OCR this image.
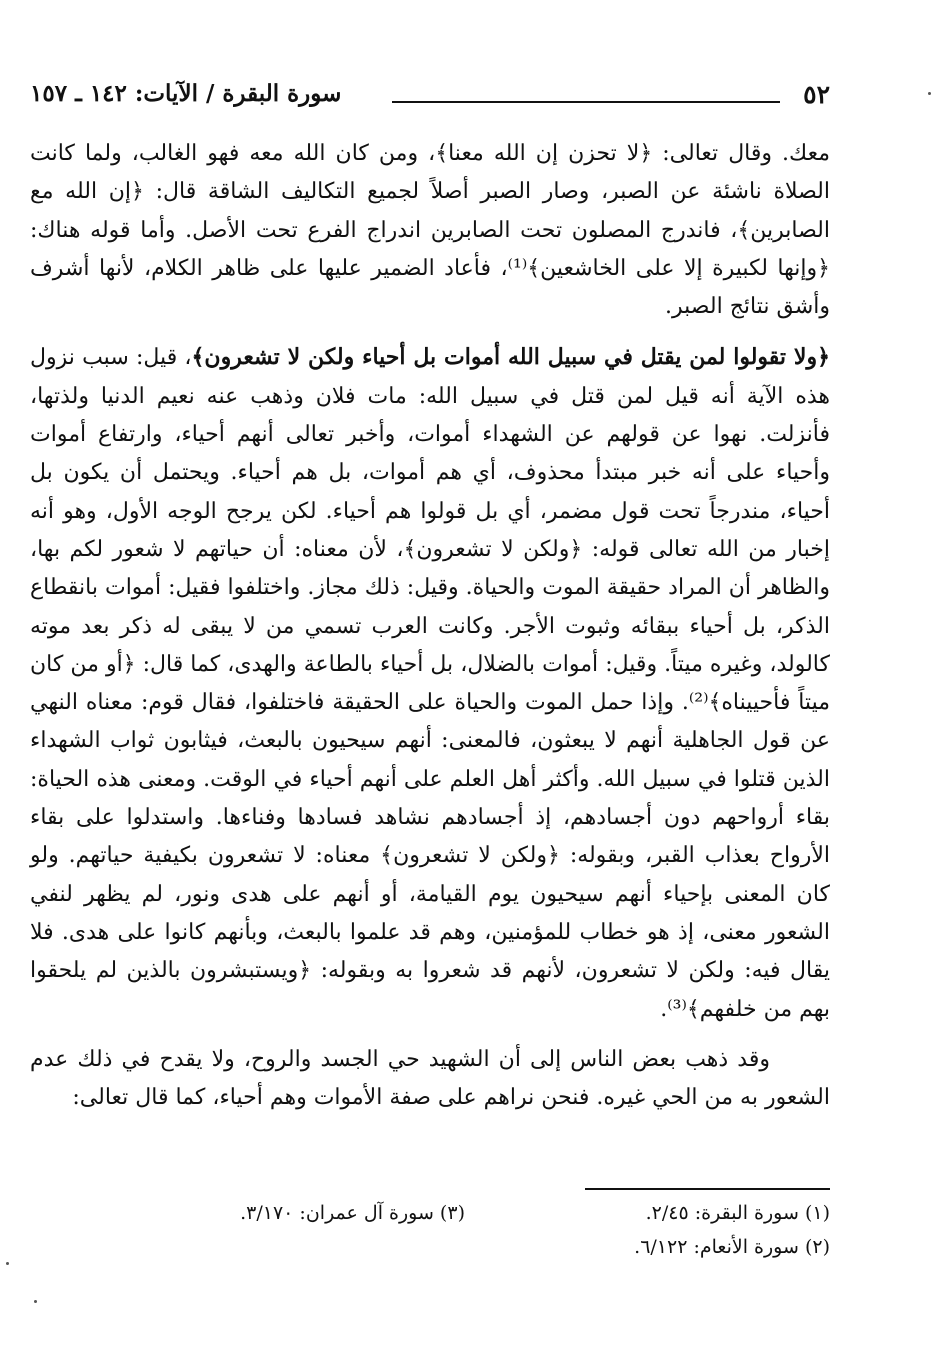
٥٢
سورة البقرة / الآيات: ١٤٢ ـ ١٥٧

معك. وقال تعالى: ﴿لا تحزن إن الله معنا﴾، ومن كان الله معه فهو الغالب، ولما كانت الصلاة ناشئة عن الصبر، وصار الصبر أصلاً لجميع التكاليف الشاقة قال: ﴿إن الله مع الصابرين﴾، فاندرج المصلون تحت الصابرين اندراج الفرع تحت الأصل. وأما قوله هناك: ﴿وإنها لكبيرة إلا على الخاشعين﴾⁽¹⁾، فأعاد الضمير عليها على ظاهر الكلام، لأنها أشرف وأشق نتائج الصبر.

﴿ولا تقولوا لمن يقتل في سبيل الله أموات بل أحياء ولكن لا تشعرون﴾، قيل: سبب نزول هذه الآية أنه قيل لمن قتل في سبيل الله: مات فلان وذهب عنه نعيم الدنيا ولذتها، فأنزلت. نهوا عن قولهم عن الشهداء أموات، وأخبر تعالى أنهم أحياء، وارتفاع أموات وأحياء على أنه خبر مبتدأ محذوف، أي هم أموات، بل هم أحياء. ويحتمل أن يكون بل أحياء، مندرجاً تحت قول مضمر، أي بل قولوا هم أحياء. لكن يرجح الوجه الأول، وهو أنه إخبار من الله تعالى قوله: ﴿ولكن لا تشعرون﴾، لأن معناه: أن حياتهم لا شعور لكم بها، والظاهر أن المراد حقيقة الموت والحياة. وقيل: ذلك مجاز. واختلفوا فقيل: أموات بانقطاع الذكر، بل أحياء ببقائه وثبوت الأجر. وكانت العرب تسمي من لا يبقى له ذكر بعد موته كالولد، وغيره ميتاً. وقيل: أموات بالضلال، بل أحياء بالطاعة والهدى، كما قال: ﴿أو من كان ميتاً فأحييناه﴾⁽²⁾. وإذا حمل الموت والحياة على الحقيقة فاختلفوا، فقال قوم: معناه النهي عن قول الجاهلية أنهم لا يبعثون، فالمعنى: أنهم سيحيون بالبعث، فيثابون ثواب الشهداء الذين قتلوا في سبيل الله. وأكثر أهل العلم على أنهم أحياء في الوقت. ومعنى هذه الحياة: بقاء أرواحهم دون أجسادهم، إذ أجسادهم نشاهد فسادها وفناءها. واستدلوا على بقاء الأرواح بعذاب القبر، وبقوله: ﴿ولكن لا تشعرون﴾ معناه: لا تشعرون بكيفية حياتهم. ولو كان المعنى بإحياء أنهم سيحيون يوم القيامة، أو أنهم على هدى ونور، لم يظهر لنفي الشعور معنى، إذ هو خطاب للمؤمنين، وهم قد علموا بالبعث، وبأنهم كانوا على هدى. فلا يقال فيه: ولكن لا تشعرون، لأنهم قد شعروا به وبقوله: ﴿ويستبشرون بالذين لم يلحقوا بهم من خلفهم﴾⁽³⁾.

وقد ذهب بعض الناس إلى أن الشهيد حي الجسد والروح، ولا يقدح في ذلك عدم الشعور به من الحي غيره. فنحن نراهم على صفة الأموات وهم أحياء، كما قال تعالى:

(١) سورة البقرة: ٢/٤٥.
(٣) سورة آل عمران: ٣/١٧٠.
(٢) سورة الأنعام: ٦/١٢٢.
